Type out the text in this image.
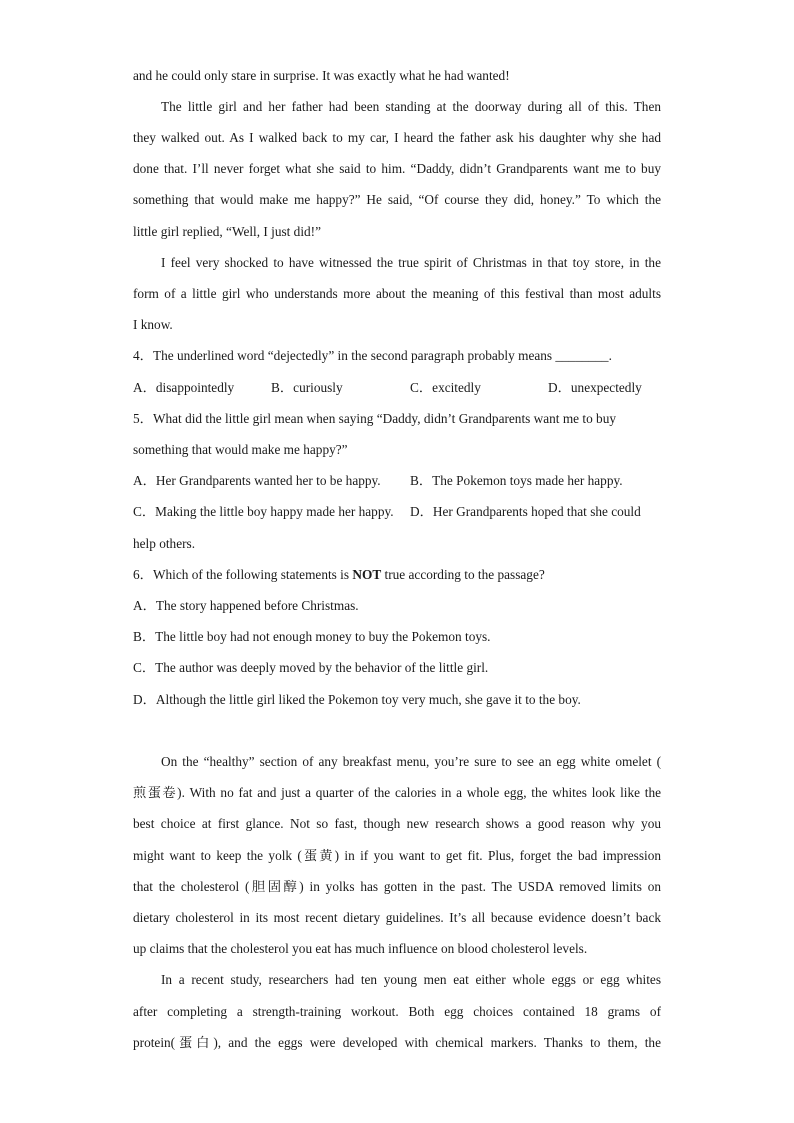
and he could only stare in surprise. It was exactly what he had wanted!
The little girl and her father had been standing at the doorway during all of this. Then
they walked out. As I walked back to my car, I heard the father ask his daughter why she had
done that. I’ll never forget what she said to him. “Daddy, didn’t Grandparents want me to buy
something that would make me happy?” He said, “Of course they did, honey.” To which the
little girl replied, “Well, I just did!”
I feel very shocked to have witnessed the true spirit of Christmas in that toy store, in the
form of a little girl who understands more about the meaning of this festival than most adults
I know.
4．The underlined word “dejectedly” in the second paragraph probably means ________.
A．disappointedly	B．curiously	C．excitedly	D．unexpectedly
5．What did the little girl mean when saying “Daddy, didn’t Grandparents want me to buy
something that would make me happy?”
A．Her Grandparents wanted her to be happy. B．The Pokemon toys made her happy.
C．Making the little boy happy made her happy. D．Her Grandparents hoped that she could
help others.
6．Which of the following statements is NOT true according to the passage?
A．The story happened before Christmas.
B．The little boy had not enough money to buy the Pokemon toys.
C．The author was deeply moved by the behavior of the little girl.
D．Although the little girl liked the Pokemon toy very much, she gave it to the boy.
On the “healthy” section of any breakfast menu, you’re sure to see an egg white omelet (
煎蛋卷). With no fat and just a quarter of the calories in a whole egg, the whites look like the
best choice at first glance. Not so fast, though new research shows a good reason why you
might want to keep the yolk (蛋黄) in if you want to get fit. Plus, forget the bad impression
that the cholesterol (胆固醇) in yolks has gotten in the past. The USDA removed limits on
dietary cholesterol in its most recent dietary guidelines. It’s all because evidence doesn’t back
up claims that the cholesterol you eat has much influence on blood cholesterol levels.
In a recent study, researchers had ten young men eat either whole eggs or egg whites
after completing a strength-training workout. Both egg choices contained 18 grams of
protein(蛋白), and the eggs were developed with chemical markers. Thanks to them, the
